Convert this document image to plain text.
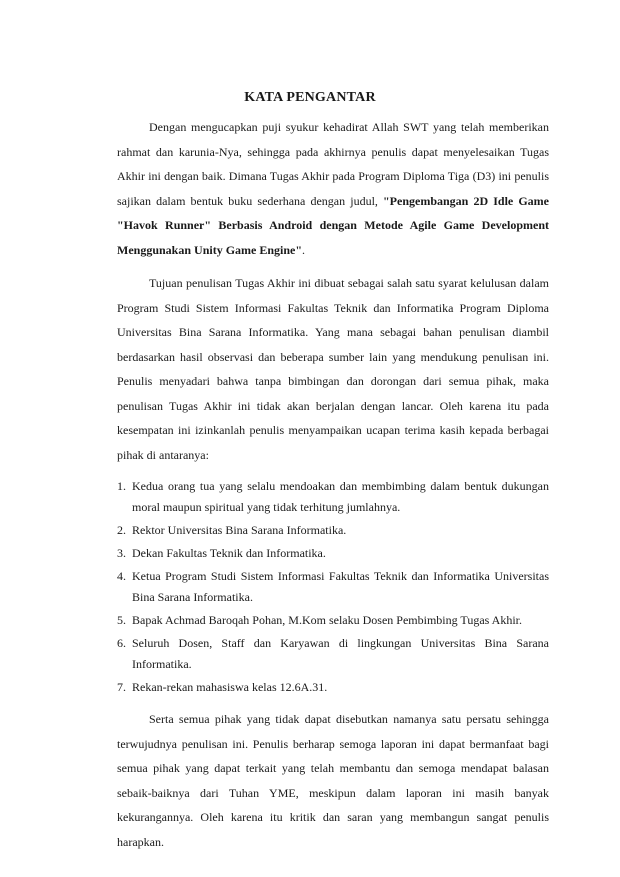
KATA PENGANTAR

Dengan mengucapkan puji syukur kehadirat Allah SWT yang telah memberikan rahmat dan karunia-Nya, sehingga pada akhirnya penulis dapat menyelesaikan Tugas Akhir ini dengan baik. Dimana Tugas Akhir pada Program Diploma Tiga (D3) ini penulis sajikan dalam bentuk buku sederhana dengan judul, "Pengembangan 2D Idle Game "Havok Runner" Berbasis Android dengan Metode Agile Game Development Menggunakan Unity Game Engine".

Tujuan penulisan Tugas Akhir ini dibuat sebagai salah satu syarat kelulusan dalam Program Studi Sistem Informasi Fakultas Teknik dan Informatika Program Diploma Universitas Bina Sarana Informatika. Yang mana sebagai bahan penulisan diambil berdasarkan hasil observasi dan beberapa sumber lain yang mendukung penulisan ini. Penulis menyadari bahwa tanpa bimbingan dan dorongan dari semua pihak, maka penulisan Tugas Akhir ini tidak akan berjalan dengan lancar. Oleh karena itu pada kesempatan ini izinkanlah penulis menyampaikan ucapan terima kasih kepada berbagai pihak di antaranya:

1. Kedua orang tua yang selalu mendoakan dan membimbing dalam bentuk dukungan moral maupun spiritual yang tidak terhitung jumlahnya.
2. Rektor Universitas Bina Sarana Informatika.
3. Dekan Fakultas Teknik dan Informatika.
4. Ketua Program Studi Sistem Informasi Fakultas Teknik dan Informatika Universitas Bina Sarana Informatika.
5. Bapak Achmad Baroqah Pohan, M.Kom selaku Dosen Pembimbing Tugas Akhir.
6. Seluruh Dosen, Staff dan Karyawan di lingkungan Universitas Bina Sarana Informatika.
7. Rekan-rekan mahasiswa kelas 12.6A.31.

Serta semua pihak yang tidak dapat disebutkan namanya satu persatu sehingga terwujudnya penulisan ini. Penulis berharap semoga laporan ini dapat bermanfaat bagi semua pihak yang dapat terkait yang telah membantu dan semoga mendapat balasan sebaik-baiknya dari Tuhan YME, meskipun dalam laporan ini masih banyak kekurangannya. Oleh karena itu kritik dan saran yang membangun sangat penulis harapkan.
